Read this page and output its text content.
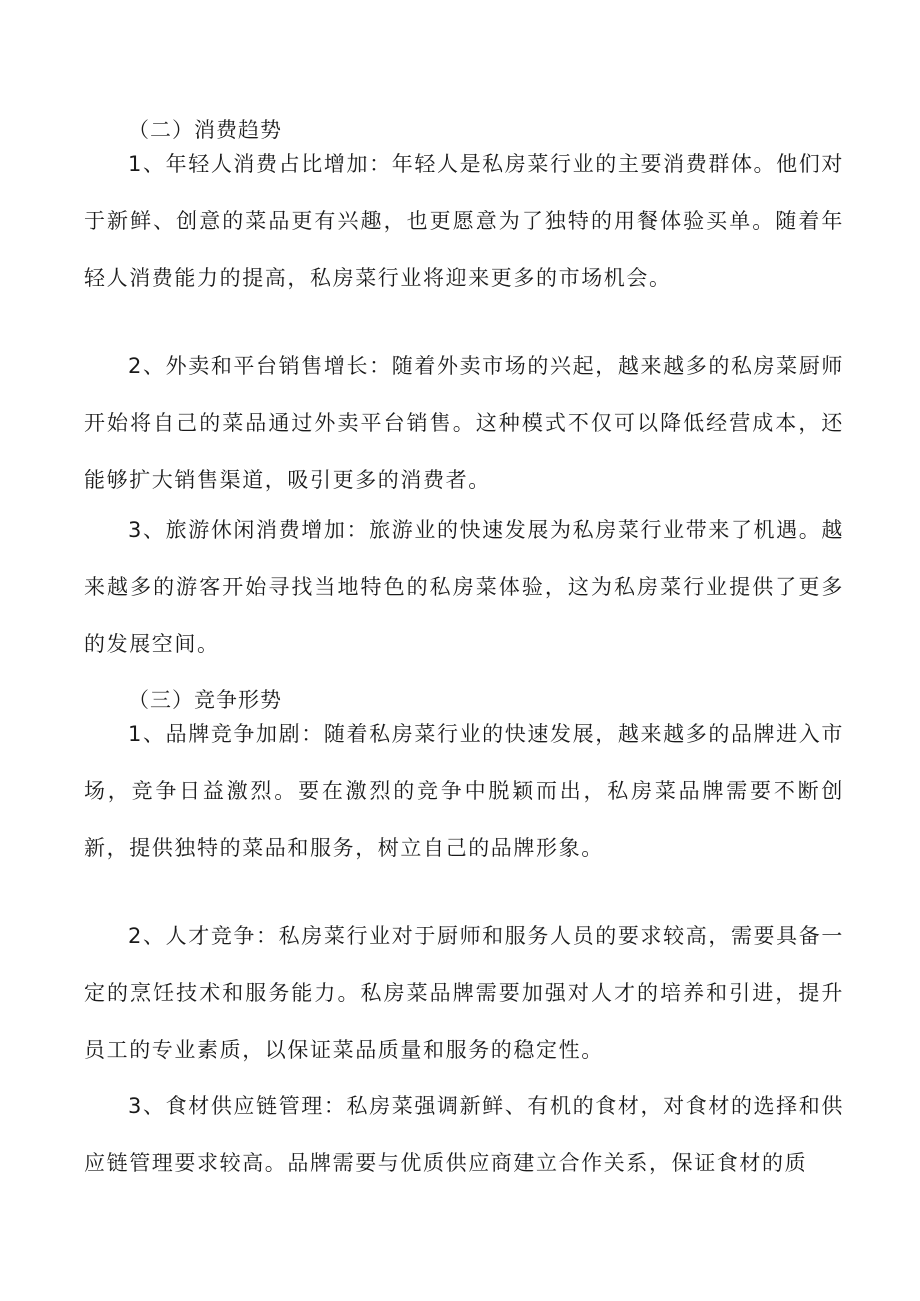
（二）消费趋势

1、年轻人消费占比增加：年轻人是私房菜行业的主要消费群体。他们对于新鲜、创意的菜品更有兴趣，也更愿意为了独特的用餐体验买单。随着年轻人消费能力的提高，私房菜行业将迎来更多的市场机会。

2、外卖和平台销售增长：随着外卖市场的兴起，越来越多的私房菜厨师开始将自己的菜品通过外卖平台销售。这种模式不仅可以降低经营成本，还能够扩大销售渠道，吸引更多的消费者。

3、旅游休闲消费增加：旅游业的快速发展为私房菜行业带来了机遇。越来越多的游客开始寻找当地特色的私房菜体验，这为私房菜行业提供了更多的发展空间。

（三）竞争形势

1、品牌竞争加剧：随着私房菜行业的快速发展，越来越多的品牌进入市场，竞争日益激烈。要在激烈的竞争中脱颖而出，私房菜品牌需要不断创新，提供独特的菜品和服务，树立自己的品牌形象。

2、人才竞争：私房菜行业对于厨师和服务人员的要求较高，需要具备一定的烹饪技术和服务能力。私房菜品牌需要加强对人才的培养和引进，提升员工的专业素质，以保证菜品质量和服务的稳定性。

3、食材供应链管理：私房菜强调新鲜、有机的食材，对食材的选择和供应链管理要求较高。品牌需要与优质供应商建立合作关系，保证食材的质
